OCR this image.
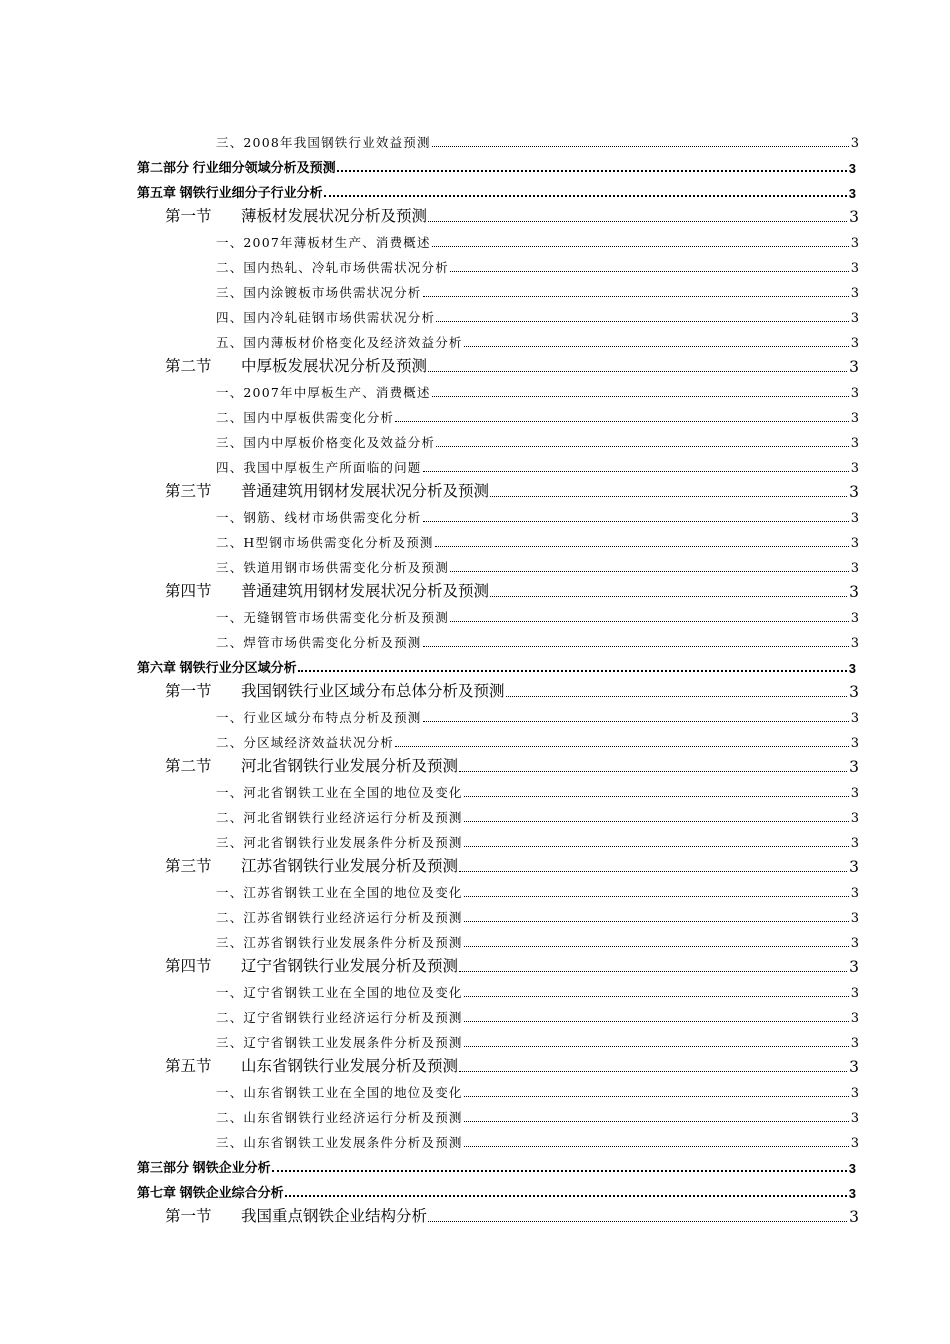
三、2008年我国钢铁行业效益预测	3
第二部分 行业细分领域分析及预测	3
第五章 钢铁行业细分子行业分析	3
第一节 薄板材发展状况分析及预测	3
一、2007年薄板材生产、消费概述	3
二、国内热轧、冷轧市场供需状况分析	3
三、国内涂镀板市场供需状况分析	3
四、国内冷轧硅钢市场供需状况分析	3
五、国内薄板材价格变化及经济效益分析	3
第二节 中厚板发展状况分析及预测	3
一、2007年中厚板生产、消费概述	3
二、国内中厚板供需变化分析	3
三、国内中厚板价格变化及效益分析	3
四、我国中厚板生产所面临的问题	3
第三节 普通建筑用钢材发展状况分析及预测	3
一、钢筋、线材市场供需变化分析	3
二、H型钢市场供需变化分析及预测	3
三、铁道用钢市场供需变化分析及预测	3
第四节 普通建筑用钢材发展状况分析及预测	3
一、无缝钢管市场供需变化分析及预测	3
二、焊管市场供需变化分析及预测	3
第六章 钢铁行业分区域分析	3
第一节 我国钢铁行业区域分布总体分析及预测	3
一、行业区域分布特点分析及预测	3
二、分区域经济效益状况分析	3
第二节 河北省钢铁行业发展分析及预测	3
一、河北省钢铁工业在全国的地位及变化	3
二、河北省钢铁行业经济运行分析及预测	3
三、河北省钢铁行业发展条件分析及预测	3
第三节 江苏省钢铁行业发展分析及预测	3
一、江苏省钢铁工业在全国的地位及变化	3
二、江苏省钢铁行业经济运行分析及预测	3
三、江苏省钢铁行业发展条件分析及预测	3
第四节 辽宁省钢铁行业发展分析及预测	3
一、辽宁省钢铁工业在全国的地位及变化	3
二、辽宁省钢铁行业经济运行分析及预测	3
三、辽宁省钢铁工业发展条件分析及预测	3
第五节 山东省钢铁行业发展分析及预测	3
一、山东省钢铁工业在全国的地位及变化	3
二、山东省钢铁行业经济运行分析及预测	3
三、山东省钢铁工业发展条件分析及预测	3
第三部分 钢铁企业分析	3
第七章 钢铁企业综合分析	3
第一节 我国重点钢铁企业结构分析	3
